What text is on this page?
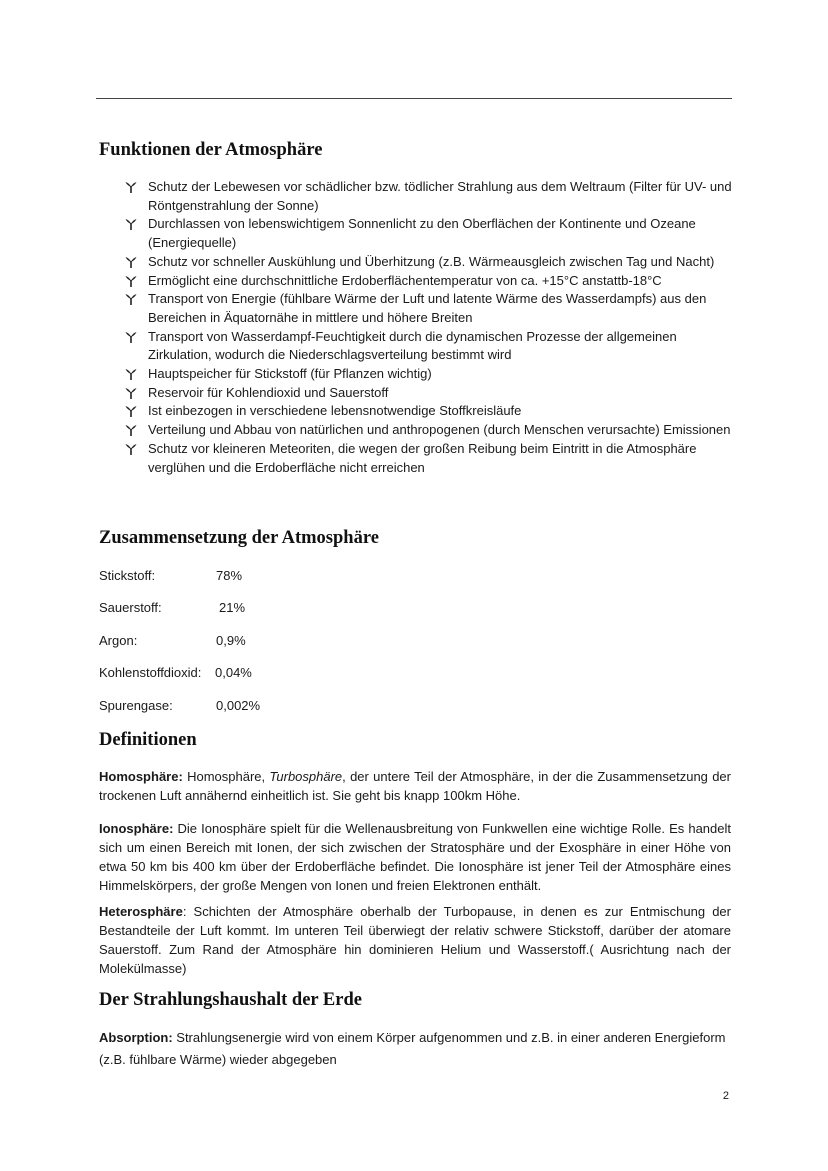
Funktionen der Atmosphäre
Schutz der Lebewesen vor schädlicher bzw. tödlicher Strahlung aus dem Weltraum (Filter für UV- und Röntgenstrahlung der Sonne)
Durchlassen von lebenswichtigem Sonnenlicht zu den Oberflächen der Kontinente und Ozeane (Energiequelle)
Schutz vor schneller Auskühlung und Überhitzung (z.B. Wärmeausgleich zwischen Tag und Nacht)
Ermöglicht eine durchschnittliche Erdoberflächentemperatur von ca. +15°C anstattb-18°C
Transport von Energie (fühlbare Wärme der Luft und latente Wärme des Wasserdampfs) aus den Bereichen in Äquatornähe in mittlere und höhere Breiten
Transport von Wasserdampf-Feuchtigkeit durch die dynamischen Prozesse der allgemeinen Zirkulation, wodurch die Niederschlagsverteilung bestimmt wird
Hauptspeicher für Stickstoff (für Pflanzen wichtig)
Reservoir für Kohlendioxid und Sauerstoff
Ist einbezogen in verschiedene lebensnotwendige Stoffkreisläufe
Verteilung und Abbau von natürlichen und anthropogenen (durch Menschen verursachte) Emissionen
Schutz vor kleineren Meteoriten, die wegen der großen Reibung beim Eintritt in die Atmosphäre verglühen und die Erdoberfläche nicht erreichen
Zusammensetzung der Atmosphäre
Stickstoff:	78%
Sauerstoff:	21%
Argon:	0,9%
Kohlenstoffdioxid: 0,04%
Spurengase:	0,002%
Definitionen

Homosphäre: Homosphäre, Turbosphäre, der untere Teil der Atmosphäre, in der die Zusammensetzung der trockenen Luft annähernd einheitlich ist. Sie geht bis knapp 100km Höhe.

Ionosphäre: Die Ionosphäre spielt für die Wellenausbreitung von Funkwellen eine wichtige Rolle. Es handelt sich um einen Bereich mit Ionen, der sich zwischen der Stratosphäre und der Exosphäre in einer Höhe von etwa 50 km bis 400 km über der Erdoberfläche befindet. Die Ionosphäre ist jener Teil der Atmosphäre eines Himmelskörpers, der große Mengen von Ionen und freien Elektronen enthält.

Heterosphäre: Schichten der Atmosphäre oberhalb der Turbopause, in denen es zur Entmischung der Bestandteile der Luft kommt. Im unteren Teil überwiegt der relativ schwere Stickstoff, darüber der atomare Sauerstoff. Zum Rand der Atmosphäre hin dominieren Helium und Wasserstoff.( Ausrichtung nach der Molekülmasse)

Der Strahlungshaushalt der Erde

Absorption: Strahlungsenergie wird von einem Körper aufgenommen und z.B. in einer anderen Energieform (z.B. fühlbare Wärme) wieder abgegeben

2
